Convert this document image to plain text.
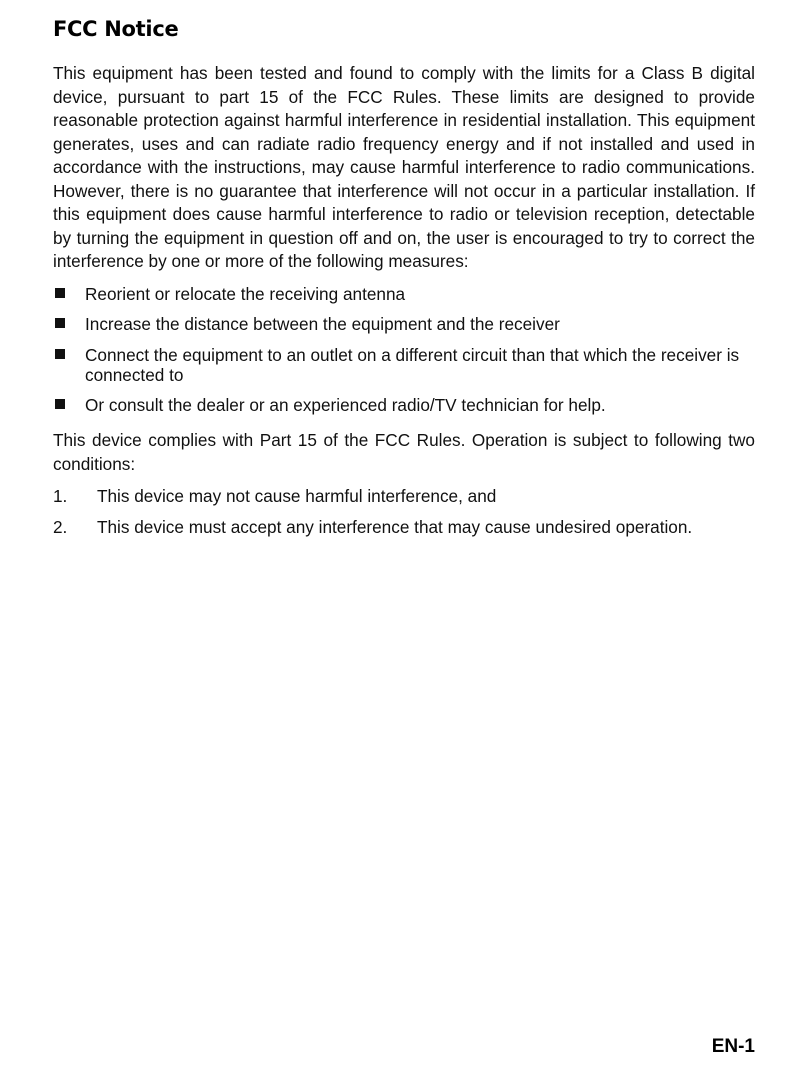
FCC Notice

This equipment has been tested and found to comply with the limits for a Class B digital device, pursuant to part 15 of the FCC Rules. These limits are designed to provide reasonable protection against harmful interference in residential installation. This equipment generates, uses and can radiate radio frequency energy and if not installed and used in accordance with the instructions, may cause harmful interference to radio communications. However, there is no guarantee that interference will not occur in a particular installation. If this equipment does cause harmful interference to radio or television reception, detectable by turning the equipment in question off and on, the user is encouraged to try to correct the interference by one or more of the following measures:

Reorient or relocate the receiving antenna
Increase the distance between the equipment and the receiver
Connect the equipment to an outlet on a different circuit than that which the receiver is connected to
Or consult the dealer or an experienced radio/TV technician for help.

This device complies with Part 15 of the FCC Rules. Operation is subject to following two conditions:

1. This device may not cause harmful interference, and
2. This device must accept any interference that may cause undesired operation.
EN-1
